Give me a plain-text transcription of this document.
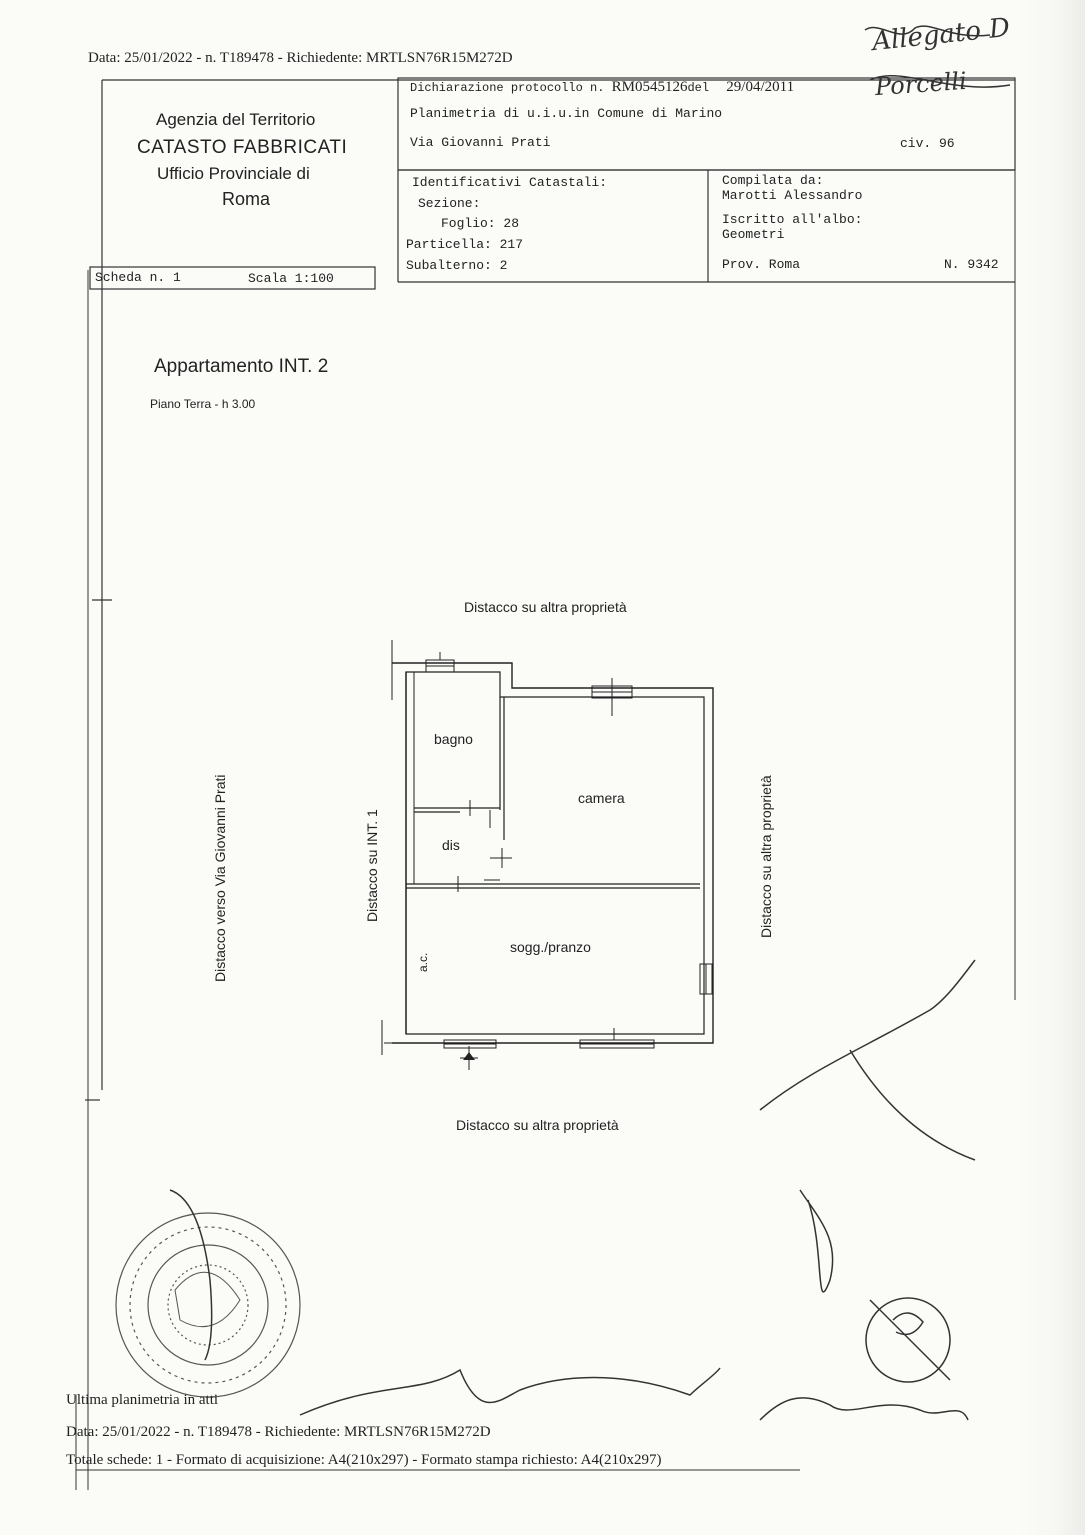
Data: 25/01/2022 - n. T189478 - Richiedente: MRTLSN76R15M272D
Allegato D
Porcelli
Agenzia del Territorio
CATASTO FABBRICATI
Ufficio Provinciale di
Roma
Dichiarazione protocollo n. RM0545126del 29/04/2011
Planimetria di u.i.u.in Comune di Marino
Via Giovanni Prati	civ. 96
Identificativi Catastali:
Sezione:
Foglio: 28
Particella: 217
Subalterno: 2
Compilata da:
Marotti Alessandro
Iscritto all'albo:
Geometri
Prov. Roma	N. 9342
Scheda n. 1	Scala 1:100
Appartamento INT. 2
Piano Terra - h 3.00
Distacco su altra proprietà
Distacco su altra proprietà
Distacco verso Via Giovanni Prati	Distacco su INT. 1	Distacco su altra proprietà
bagno
camera
dis
sogg./pranzo
a.c.
Ultima planimetria in atti
Data: 25/01/2022 - n. T189478 - Richiedente: MRTLSN76R15M272D
Totale schede: 1 - Formato di acquisizione: A4(210x297) - Formato stampa richiesto: A4(210x297)
